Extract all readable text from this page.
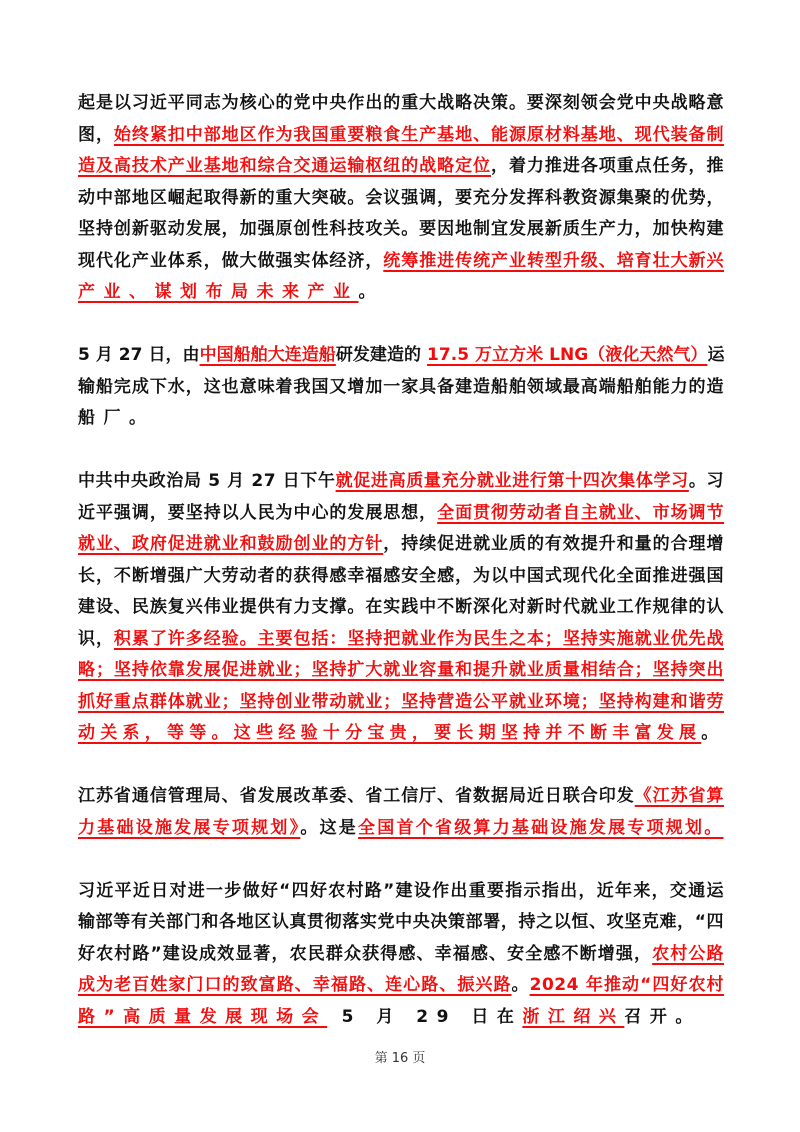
起是以习近平同志为核心的党中央作出的重大战略决策。要深刻领会党中央战略意
图，始终紧扣中部地区作为我国重要粮食生产基地、能源原材料基地、现代装备制
造及高技术产业基地和综合交通运输枢纽的战略定位，着力推进各项重点任务，推
动中部地区崛起取得新的重大突破。会议强调，要充分发挥科教资源集聚的优势，
坚持创新驱动发展，加强原创性科技攻关。要因地制宜发展新质生产力，加快构建
现代化产业体系，做大做强实体经济，统筹推进传统产业转型升级、培育壮大新兴
产业、谋划布局未来产业。
5 月 27 日，由中国船舶大连造船研发建造的 17.5 万立方米 LNG（液化天然气）运
输船完成下水，这也意味着我国又增加一家具备建造船舶领域最高端船舶能力的造
船厂。
中共中央政治局 5 月 27 日下午就促进高质量充分就业进行第十四次集体学习。习
近平强调，要坚持以人民为中心的发展思想，全面贯彻劳动者自主就业、市场调节
就业、政府促进就业和鼓励创业的方针，持续促进就业质的有效提升和量的合理增
长，不断增强广大劳动者的获得感幸福感安全感，为以中国式现代化全面推进强国
建设、民族复兴伟业提供有力支撑。在实践中不断深化对新时代就业工作规律的认
识，积累了许多经验。主要包括：坚持把就业作为民生之本；坚持实施就业优先战
略；坚持依靠发展促进就业；坚持扩大就业容量和提升就业质量相结合；坚持突出
抓好重点群体就业；坚持创业带动就业；坚持营造公平就业环境；坚持构建和谐劳
动关系，等等。这些经验十分宝贵，要长期坚持并不断丰富发展。
江苏省通信管理局、省发展改革委、省工信厅、省数据局近日联合印发《江苏省算
力基础设施发展专项规划》。这是全国首个省级算力基础设施发展专项规划。
习近平近日对进一步做好“四好农村路”建设作出重要指示指出，近年来，交通运
输部等有关部门和各地区认真贯彻落实党中央决策部署，持之以恒、攻坚克难，“四
好农村路”建设成效显著，农民群众获得感、幸福感、安全感不断增强，农村公路
成为老百姓家门口的致富路、幸福路、连心路、振兴路。2024 年推动“四好农村
路”高质量发展现场会 5 月 29 日在浙江绍兴召开。
第 16 页
